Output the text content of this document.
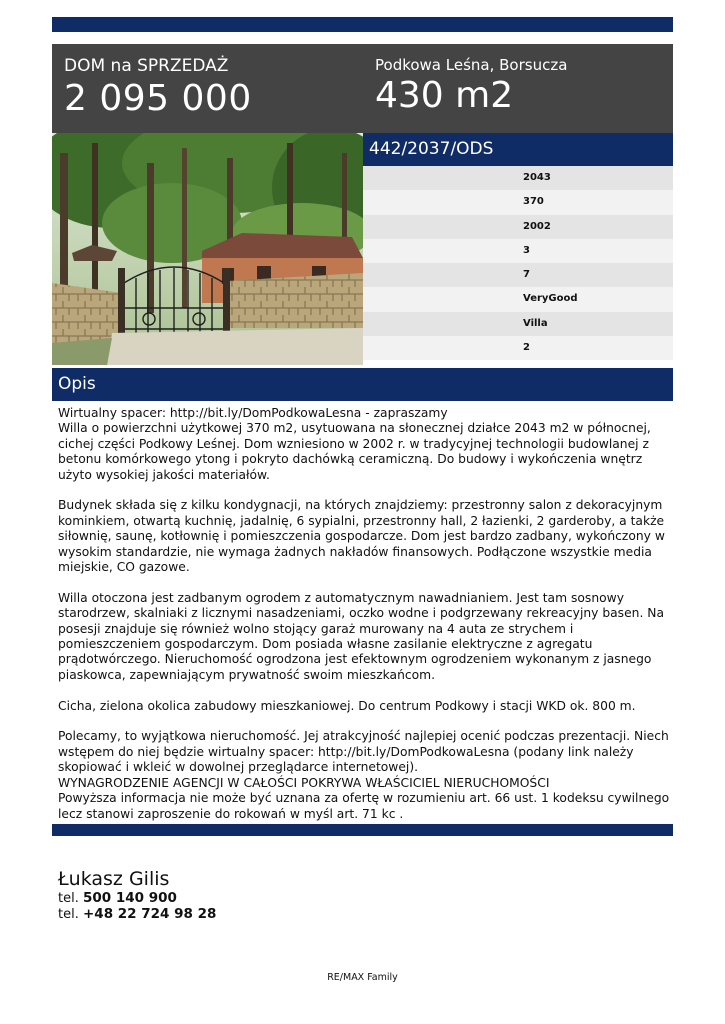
DOM na SPRZEDAŻ
2 095 000
Podkowa Leśna, Borsucza
430 m2
442/2037/ODS
2043
370
2002
3
7
VeryGood
Villa
2
Opis

Wirtualny spacer: http://bit.ly/DomPodkowaLesna - zapraszamy

Willa o powierzchni użytkowej 370 m2, usytuowana na słonecznej działce 2043 m2 w północnej, cichej części Podkowy Leśnej. Dom wzniesiono w 2002 r. w tradycyjnej technologii budowlanej z betonu komórkowego ytong i pokryto dachówką ceramiczną. Do budowy i wykończenia wnętrz użyto wysokiej jakości materiałów.

Budynek składa się z kilku kondygnacji, na których znajdziemy: przestronny salon z dekoracyjnym kominkiem, otwartą kuchnię, jadalnię, 6 sypialni, przestronny hall, 2 łazienki, 2 garderoby, a także siłownię, saunę, kotłownię i pomieszczenia gospodarcze. Dom jest bardzo zadbany, wykończony w wysokim standardzie, nie wymaga żadnych nakładów finansowych. Podłączone wszystkie media miejskie, CO gazowe.

Willa otoczona jest zadbanym ogrodem z automatycznym nawadnianiem. Jest tam sosnowy starodrzew, skalniaki z licznymi nasadzeniami, oczko wodne i podgrzewany rekreacyjny basen. Na posesji znajduje się również wolno stojący garaż murowany na 4 auta ze strychem i pomieszczeniem gospodarczym. Dom posiada własne zasilanie elektryczne z agregatu prądotwórczego. Nieruchomość ogrodzona jest efektownym ogrodzeniem wykonanym z jasnego piaskowca, zapewniającym prywatność swoim mieszkańcom.

Cicha, zielona okolica zabudowy mieszkaniowej. Do centrum Podkowy i stacji WKD ok. 800 m.

Polecamy, to wyjątkowa nieruchomość. Jej atrakcyjność najlepiej ocenić podczas prezentacji. Niech wstępem do niej będzie wirtualny spacer: http://bit.ly/DomPodkowaLesna (podany link należy skopiować i wkleić w dowolnej przeglądarce internetowej).

WYNAGRODZENIE AGENCJI W CAŁOŚCI POKRYWA WŁAŚCICIEL NIERUCHOMOŚCI

Powyższa informacja nie może być uznana za ofertę w rozumieniu art. 66 ust. 1 kodeksu cywilnego lecz stanowi zaproszenie do rokowań w myśl art. 71 kc .

Łukasz Gilis
tel. 500 140 900
tel. +48 22 724 98 28
RE/MAX Family
